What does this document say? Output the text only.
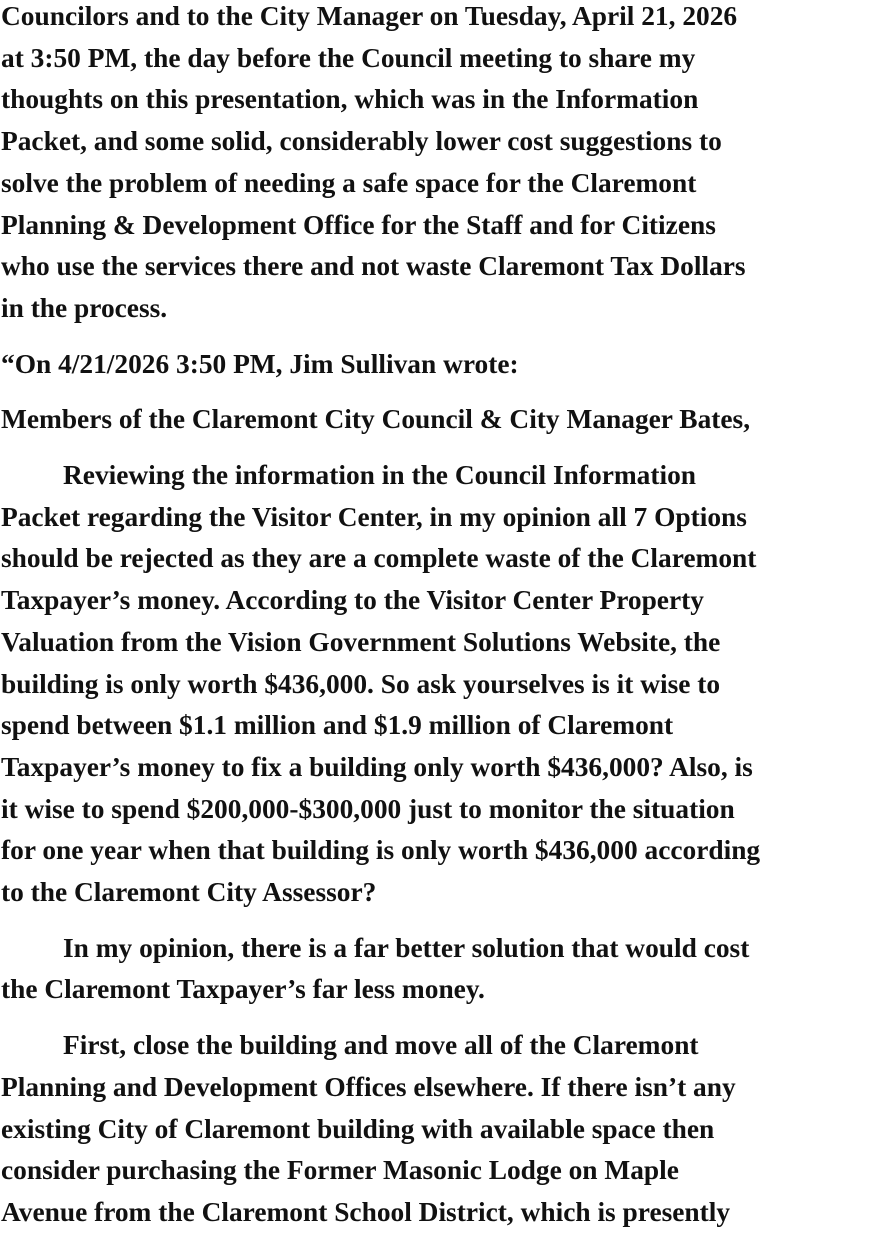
Councilors and to the City Manager on Tuesday, April 21, 2026
at 3:50 PM, the day before the Council meeting to share my
thoughts on this presentation, which was in the Information
Packet, and some solid, considerably lower cost suggestions to
solve the problem of needing a safe space for the Claremont
Planning & Development Office for the Staff and for Citizens
who use the services there and not waste Claremont Tax Dollars
in the process.

“On 4/21/2026 3:50 PM, Jim Sullivan wrote:

Members of the Claremont City Council & City Manager Bates,

Reviewing the information in the Council Information
Packet regarding the Visitor Center, in my opinion all 7 Options
should be rejected as they are a complete waste of the Claremont
Taxpayer’s money. According to the Visitor Center Property
Valuation from the Vision Government Solutions Website, the
building is only worth $436,000. So ask yourselves is it wise to
spend between $1.1 million and $1.9 million of Claremont
Taxpayer’s money to fix a building only worth $436,000? Also, is
it wise to spend $200,000-$300,000 just to monitor the situation
for one year when that building is only worth $436,000 according
to the Claremont City Assessor?

In my opinion, there is a far better solution that would cost
the Claremont Taxpayer’s far less money.

First, close the building and move all of the Claremont
Planning and Development Offices elsewhere. If there isn’t any
existing City of Claremont building with available space then
consider purchasing the Former Masonic Lodge on Maple
Avenue from the Claremont School District, which is presently
